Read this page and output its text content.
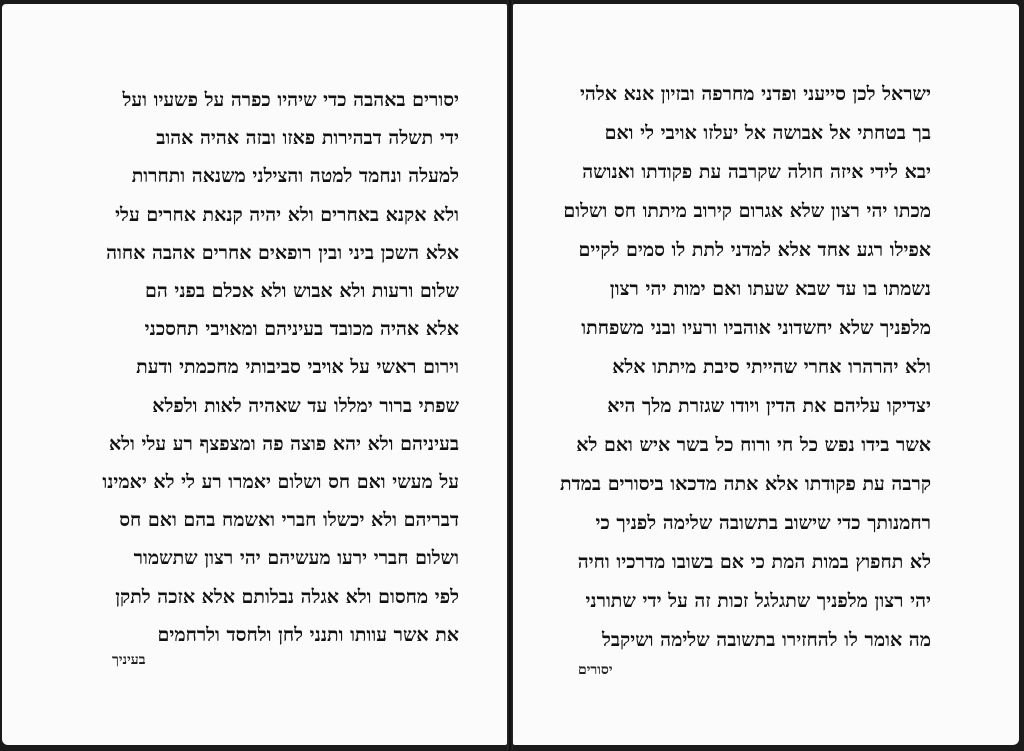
יסורים באהבה כדי שיהיו כפרה על פשעיו ועל
ידי תשלה דבהירות פאזו ובזה אהיה אהוב
למעלה ונחמד למטה והצילני משנאה ותחרות
ולא אקנא באחרים ולא יהיה קנאת אחרים עלי
אלא השכן ביני ובין רופאים אחרים אהבה אחוה
שלום ורעות ולא אבוש ולא אכלם בפני הם
אלא אהיה מכובד בעיניהם ומאויבי תחסכני
וירום ראשי על אויבי סביבותי מחכמתי ודעת
שפתי ברור ימללו עד שאהיה לאות ולפלא
בעיניהם ולא יהא פוצה פה ומצפצף רע עלי ולא
על מעשי ואם חס ושלום יאמרו רע לי לא יאמינו
דבריהם ולא יכשלו חברי ואשמח בהם ואם חס
ושלום חברי ירעו מעשיהם יהי רצון שתשמור
לפי מחסום ולא אגלה נבלותם אלא אזכה לתקן
את אשר עוותו ותנני לחן ולחסד ולרחמים
בעיניך
ישראל לכן סייעני ופדני מחרפה ובזיון אנא אלהי
בך בטחתי אל אבושה אל יעלזו אויבי לי ואם
יבא לידי איזה חולה שקרבה עת פקודתו ואנושה
מכתו יהי רצון שלא אגרום קירוב מיתתו חס ושלום
אפילו רגע אחד אלא למדני לתת לו סמים לקיים
נשמתו בו עד שבא שעתו ואם ימות יהי רצון
מלפניך שלא יחשדוני אוהביו ורעיו ובני משפחתו
ולא יהרהרו אחרי שהייתי סיבת מיתתו אלא
יצדיקו עליהם את הדין ויודו שגזרת מלך היא
אשר בידו נפש כל חי ורוח כל בשר איש ואם לא
קרבה עת פקודתו אלא אתה מדכאו ביסורים במדת
רחמנותך כדי שישוב בתשובה שלימה לפניך כי
לא תחפוץ במות המת כי אם בשובו מדרכיו וחיה
יהי רצון מלפניך שתגלגל זכות זה על ידי שתורני
מה אומר לו להחזירו בתשובה שלימה ושיקבל
יסורים
